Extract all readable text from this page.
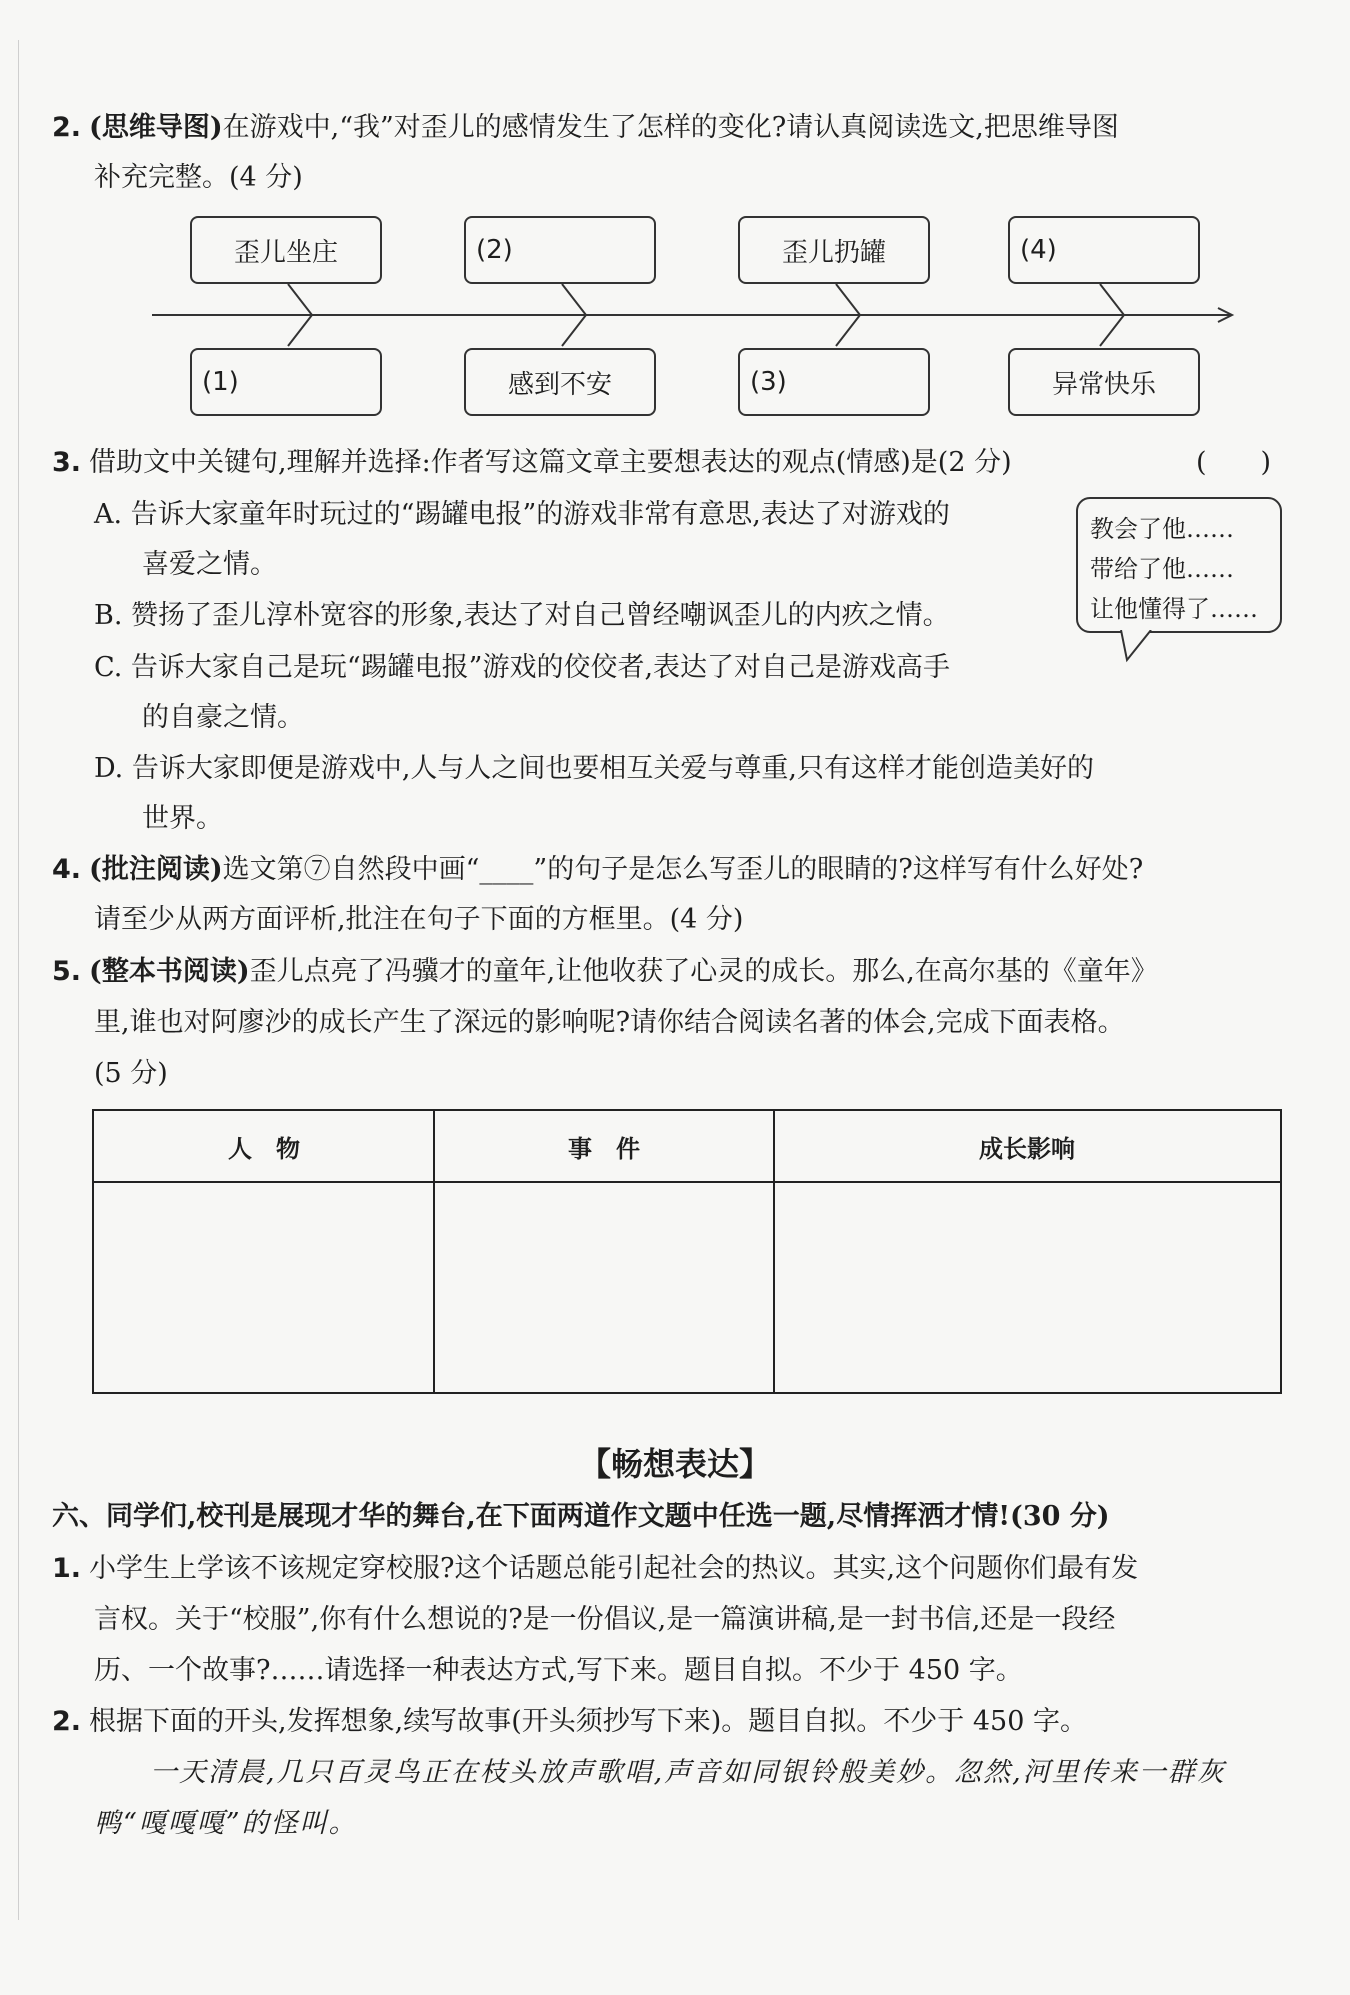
2. (思维导图)在游戏中,“我”对歪儿的感情发生了怎样的变化?请认真阅读选文,把思维导图
补充完整。(4 分)
歪儿坐庄	(2)	歪儿扔罐	(4)
(1)	感到不安	(3)	异常快乐
3. 借助文中关键句,理解并选择:作者写这篇文章主要想表达的观点(情感)是(2 分)	(　　)
A. 告诉大家童年时玩过的“踢罐电报”的游戏非常有意思,表达了对游戏的
喜爱之情。
B. 赞扬了歪儿淳朴宽容的形象,表达了对自己曾经嘲讽歪儿的内疚之情。
C. 告诉大家自己是玩“踢罐电报”游戏的佼佼者,表达了对自己是游戏高手
的自豪之情。
D. 告诉大家即便是游戏中,人与人之间也要相互关爱与尊重,只有这样才能创造美好的
世界。
教会了他……
带给了他……
让他懂得了……
4. (批注阅读)选文第⑦自然段中画“____”的句子是怎么写歪儿的眼睛的?这样写有什么好处?
请至少从两方面评析,批注在句子下面的方框里。(4 分)
5. (整本书阅读)歪儿点亮了冯骥才的童年,让他收获了心灵的成长。那么,在高尔基的《童年》
里,谁也对阿廖沙的成长产生了深远的影响呢?请你结合阅读名著的体会,完成下面表格。
(5 分)
人　物	事　件	成长影响
【畅想表达】
六、同学们,校刊是展现才华的舞台,在下面两道作文题中任选一题,尽情挥洒才情!(30 分)
1. 小学生上学该不该规定穿校服?这个话题总能引起社会的热议。其实,这个问题你们最有发
言权。关于“校服”,你有什么想说的?是一份倡议,是一篇演讲稿,是一封书信,还是一段经
历、一个故事?……请选择一种表达方式,写下来。题目自拟。不少于 450 字。
2. 根据下面的开头,发挥想象,续写故事(开头须抄写下来)。题目自拟。不少于 450 字。
一天清晨,几只百灵鸟正在枝头放声歌唱,声音如同银铃般美妙。忽然,河里传来一群灰
鸭“嘎嘎嘎”的怪叫。
